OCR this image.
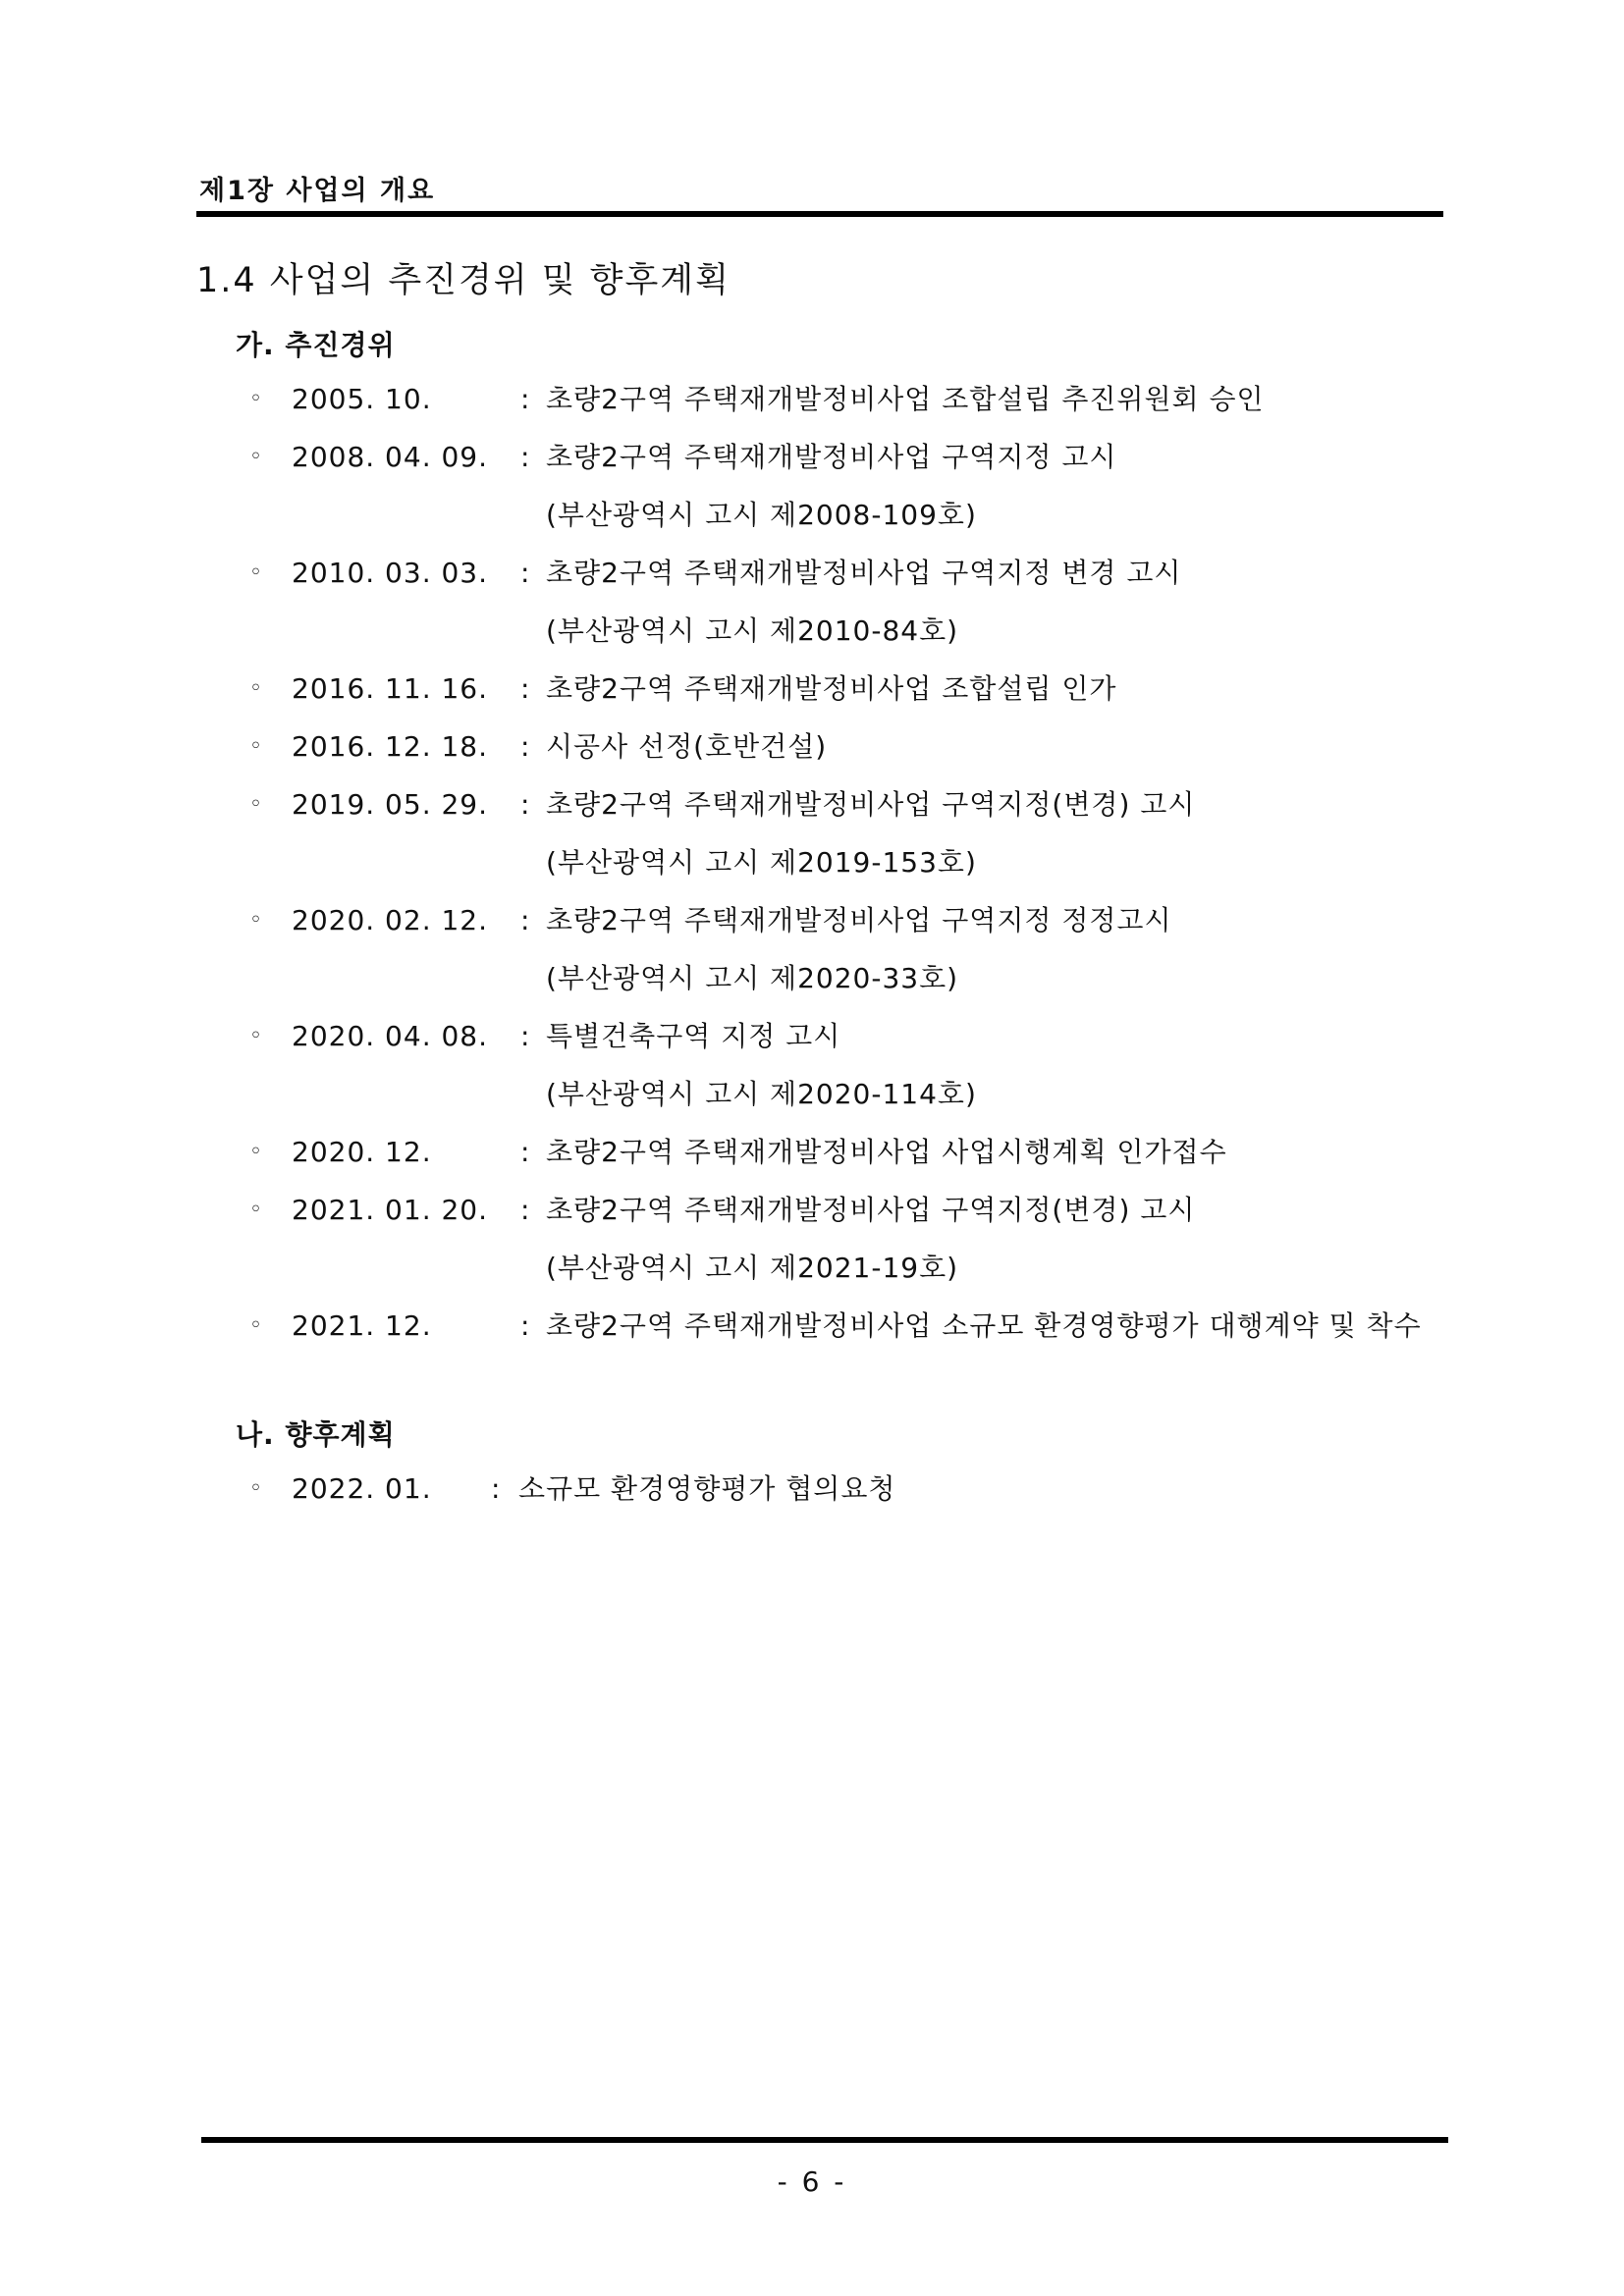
제1장 사업의 개요
1.4 사업의 추진경위 및 향후계획
가. 추진경위
◦ 2005. 10.	: 초량2구역 주택재개발정비사업 조합설립 추진위원회 승인
◦ 2008. 04. 09. : 초량2구역 주택재개발정비사업 구역지정 고시
(부산광역시 고시 제2008-109호)
◦ 2010. 03. 03. : 초량2구역 주택재개발정비사업 구역지정 변경 고시
(부산광역시 고시 제2010-84호)
◦ 2016. 11. 16. : 초량2구역 주택재개발정비사업 조합설립 인가
◦ 2016. 12. 18. : 시공사 선정(호반건설)
◦ 2019. 05. 29. : 초량2구역 주택재개발정비사업 구역지정(변경) 고시
(부산광역시 고시 제2019-153호)
◦ 2020. 02. 12. : 초량2구역 주택재개발정비사업 구역지정 정정고시
(부산광역시 고시 제2020-33호)
◦ 2020. 04. 08. : 특별건축구역 지정 고시
(부산광역시 고시 제2020-114호)
◦ 2020. 12.	: 초량2구역 주택재개발정비사업 사업시행계획 인가접수
◦ 2021. 01. 20. : 초량2구역 주택재개발정비사업 구역지정(변경) 고시
(부산광역시 고시 제2021-19호)
◦ 2021. 12.	: 초량2구역 주택재개발정비사업 소규모 환경영향평가 대행계약 및 착수
나. 향후계획
◦ 2022. 01. : 소규모 환경영향평가 협의요청
- 6 -
